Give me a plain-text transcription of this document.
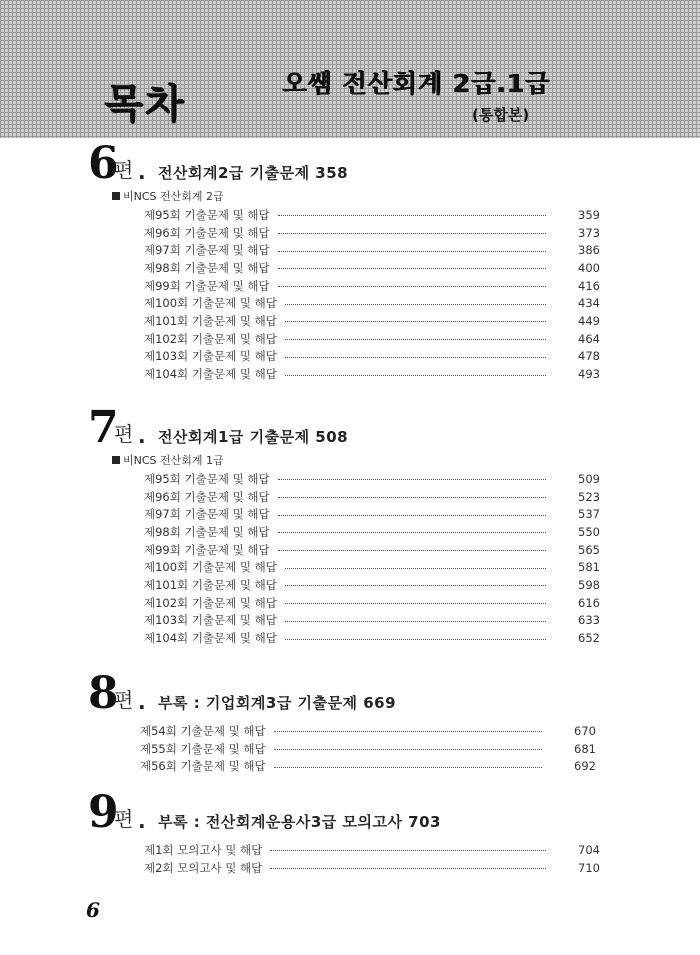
목차	오썜 전산회계 2급.1급
(통합본)
6
편 . 전산회계2급 기출문제 358
비NCS 전산회계 2급
제95회 기출문제 및 해답	359
제96회 기출문제 및 해답	373
제97회 기출문제 및 해답	386
제98회 기출문제 및 해답	400
제99회 기출문제 및 해답	416
제100회 기출문제 및 해답	434
제101회 기출문제 및 해답	449
제102회 기출문제 및 해답	464
제103회 기출문제 및 해답	478
제104회 기출문제 및 해답	493
7
편 . 전산회계1급 기출문제 508
비NCS 전산회계 1급
제95회 기출문제 및 해답	509
제96회 기출문제 및 해답	523
제97회 기출문제 및 해답	537
제98회 기출문제 및 해답	550
제99회 기출문제 및 해답	565
제100회 기출문제 및 해답	581
제101회 기출문제 및 해답	598
제102회 기출문제 및 해답	616
제103회 기출문제 및 해답	633
제104회 기출문제 및 해답	652
8
편 . 부록 : 기업회계3급 기출문제 669
제54회 기출문제 및 해답	670
제55회 기출문제 및 해답	681
제56회 기출문제 및 해답	692
9
편 . 부록 : 전산회계운용사3급 모의고사 703
제1회 모의고사 및 해답	704
제2회 모의고사 및 해답	710
6
